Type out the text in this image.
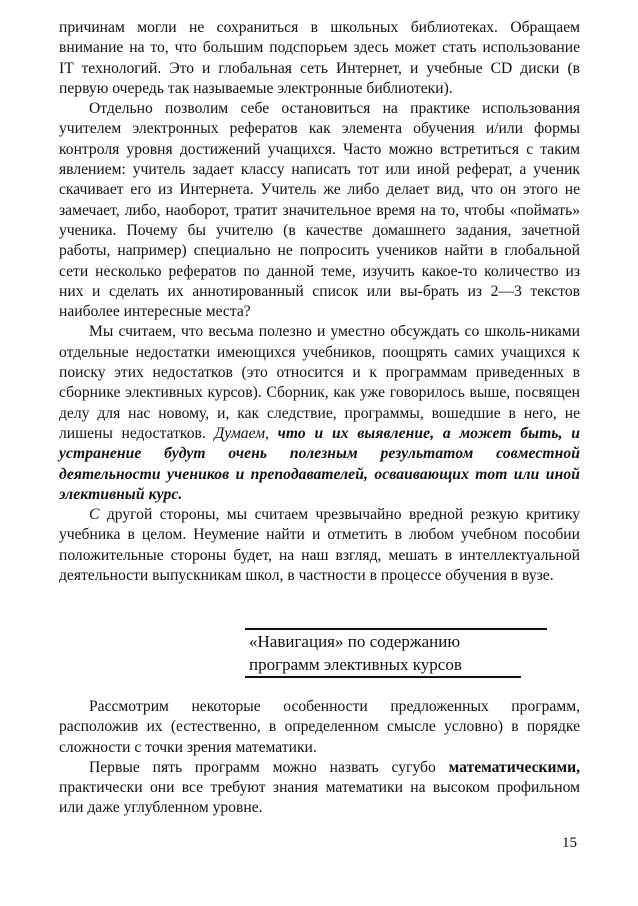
причинам могли не сохраниться в школьных библиотеках. Обращаем внимание на то, что большим подспорьем здесь может стать использование IT технологий. Это и глобальная сеть Интернет, и учебные CD диски (в первую очередь так называемые электронные библиотеки).

Отдельно позволим себе остановиться на практике использования учителем электронных рефератов как элемента обучения и/или формы контроля уровня достижений учащихся. Часто можно встретиться с таким явлением: учитель задает классу написать тот или иной реферат, а ученик скачивает его из Интернета. Учитель же либо делает вид, что он этого не замечает, либо, наоборот, тратит значительное время на то, чтобы «поймать» ученика. Почему бы учителю (в качестве домашнего задания, зачетной работы, например) специально не попросить учеников найти в глобальной сети несколько рефератов по данной теме, изучить какое-то количество из них и сделать их аннотированный список или вы-брать из 2—3 текстов наиболее интересные места?

Мы считаем, что весьма полезно и уместно обсуждать со школь-никами отдельные недостатки имеющихся учебников, поощрять самих учащихся к поиску этих недостатков (это относится и к программам приведенных в сборнике элективных курсов). Сборник, как уже говорилось выше, посвящен делу для нас новому, и, как следствие, программы, вошедшие в него, не лишены недостатков. Думаем, что и их выявление, а может быть, и устранение будут очень полезным результатом совместной деятельности учеников и преподавателей, осваивающих тот или иной элективный курс.

С другой стороны, мы считаем чрезвычайно вредной резкую критику учебника в целом. Неумение найти и отметить в любом учебном пособии положительные стороны будет, на наш взгляд, мешать в интеллектуальной деятельности выпускникам школ, в частности в процессе обучения в вузе.

«Навигация» по содержанию

программ элективных курсов

Рассмотрим некоторые особенности предложенных программ, расположив их (естественно, в определенном смысле условно) в порядке сложности с точки зрения математики.

Первые пять программ можно назвать сугубо математическими, практически они все требуют знания математики на высоком профильном или даже углубленном уровне.

15
